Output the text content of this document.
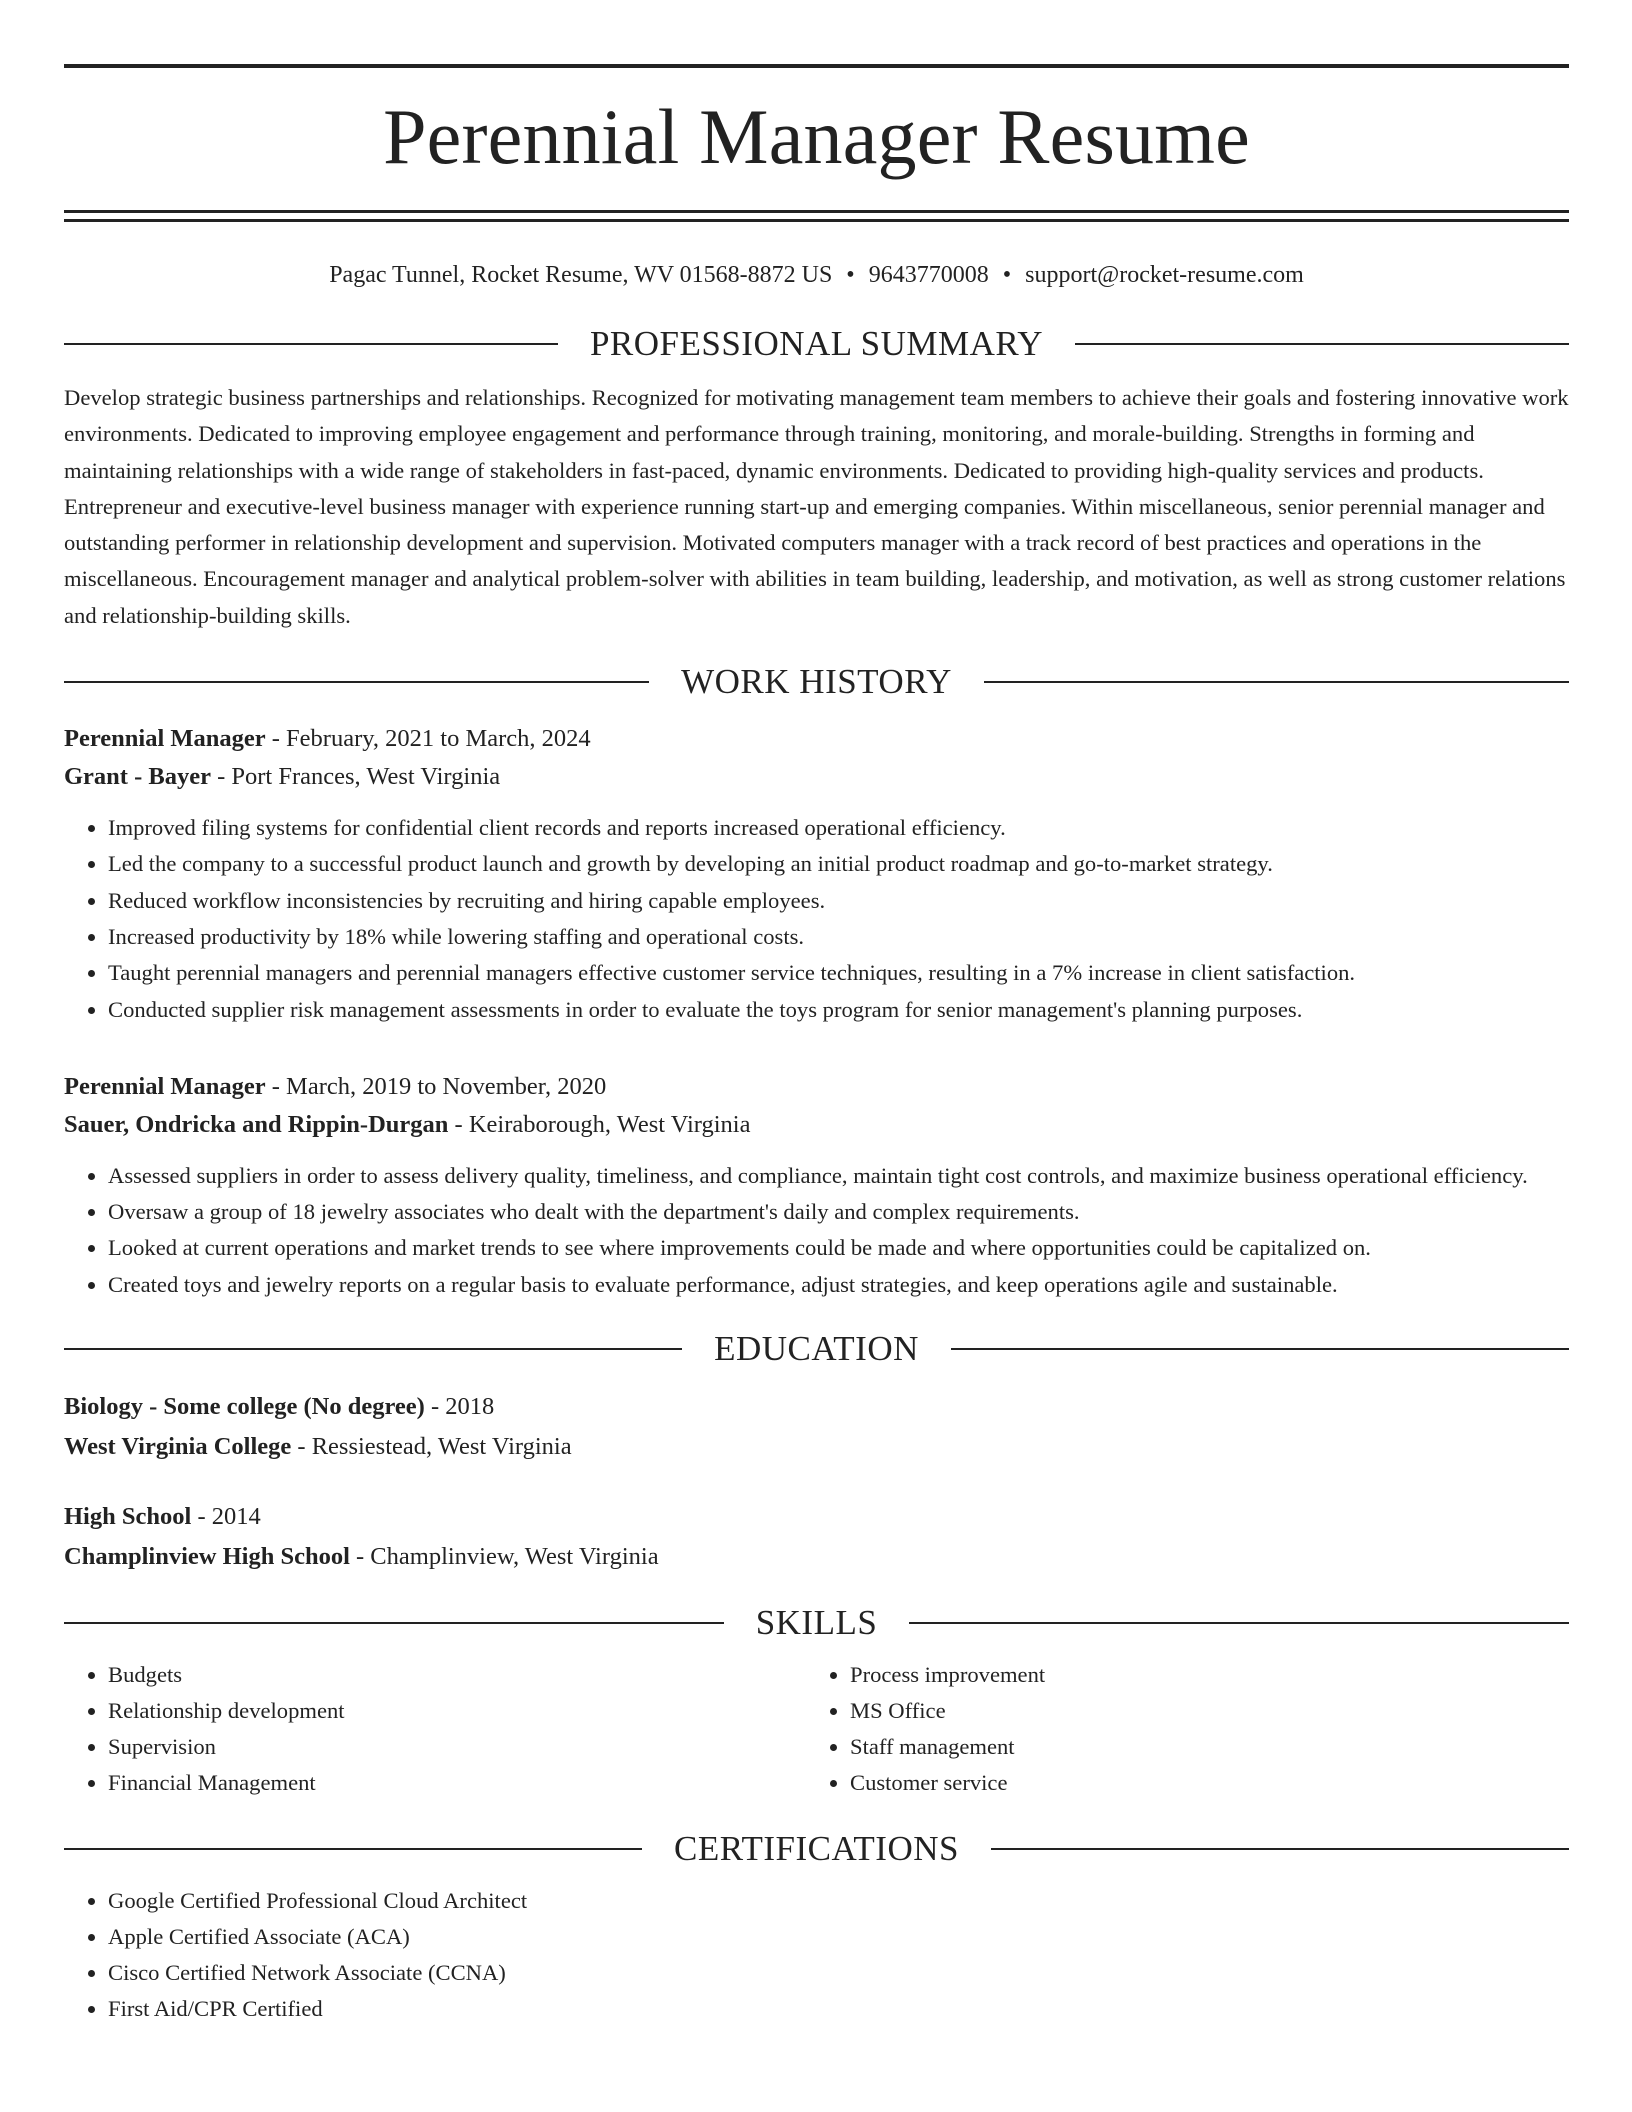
Perennial Manager Resume
Pagac Tunnel, Rocket Resume, WV 01568-8872 US • 9643770008 • support@rocket-resume.com
PROFESSIONAL SUMMARY

Develop strategic business partnerships and relationships. Recognized for motivating management team members to achieve their goals and fostering innovative work environments. Dedicated to improving employee engagement and performance through training, monitoring, and morale-building. Strengths in forming and maintaining relationships with a wide range of stakeholders in fast-paced, dynamic environments. Dedicated to providing high-quality services and products. Entrepreneur and executive-level business manager with experience running start-up and emerging companies. Within miscellaneous, senior perennial manager and outstanding performer in relationship development and supervision. Motivated computers manager with a track record of best practices and operations in the miscellaneous. Encouragement manager and analytical problem-solver with abilities in team building, leadership, and motivation, as well as strong customer relations and relationship-building skills.

WORK HISTORY
Perennial Manager - February, 2021 to March, 2024
Grant - Bayer - Port Frances, West Virginia
• Improved filing systems for confidential client records and reports increased operational efficiency.
• Led the company to a successful product launch and growth by developing an initial product roadmap and go-to-market strategy.
• Reduced workflow inconsistencies by recruiting and hiring capable employees.
• Increased productivity by 18% while lowering staffing and operational costs.
• Taught perennial managers and perennial managers effective customer service techniques, resulting in a 7% increase in client satisfaction.
• Conducted supplier risk management assessments in order to evaluate the toys program for senior management's planning purposes.
Perennial Manager - March, 2019 to November, 2020
Sauer, Ondricka and Rippin-Durgan - Keiraborough, West Virginia
• Assessed suppliers in order to assess delivery quality, timeliness, and compliance, maintain tight cost controls, and maximize business operational efficiency.
• Oversaw a group of 18 jewelry associates who dealt with the department's daily and complex requirements.
• Looked at current operations and market trends to see where improvements could be made and where opportunities could be capitalized on.
• Created toys and jewelry reports on a regular basis to evaluate performance, adjust strategies, and keep operations agile and sustainable.
EDUCATION
Biology - Some college (No degree) - 2018
West Virginia College - Ressiestead, West Virginia
High School - 2014
Champlinview High School - Champlinview, West Virginia
SKILLS
• Budgets
• Relationship development
• Supervision
• Financial Management
• Process improvement
• MS Office
• Staff management
• Customer service
CERTIFICATIONS
• Google Certified Professional Cloud Architect
• Apple Certified Associate (ACA)
• Cisco Certified Network Associate (CCNA)
• First Aid/CPR Certified
